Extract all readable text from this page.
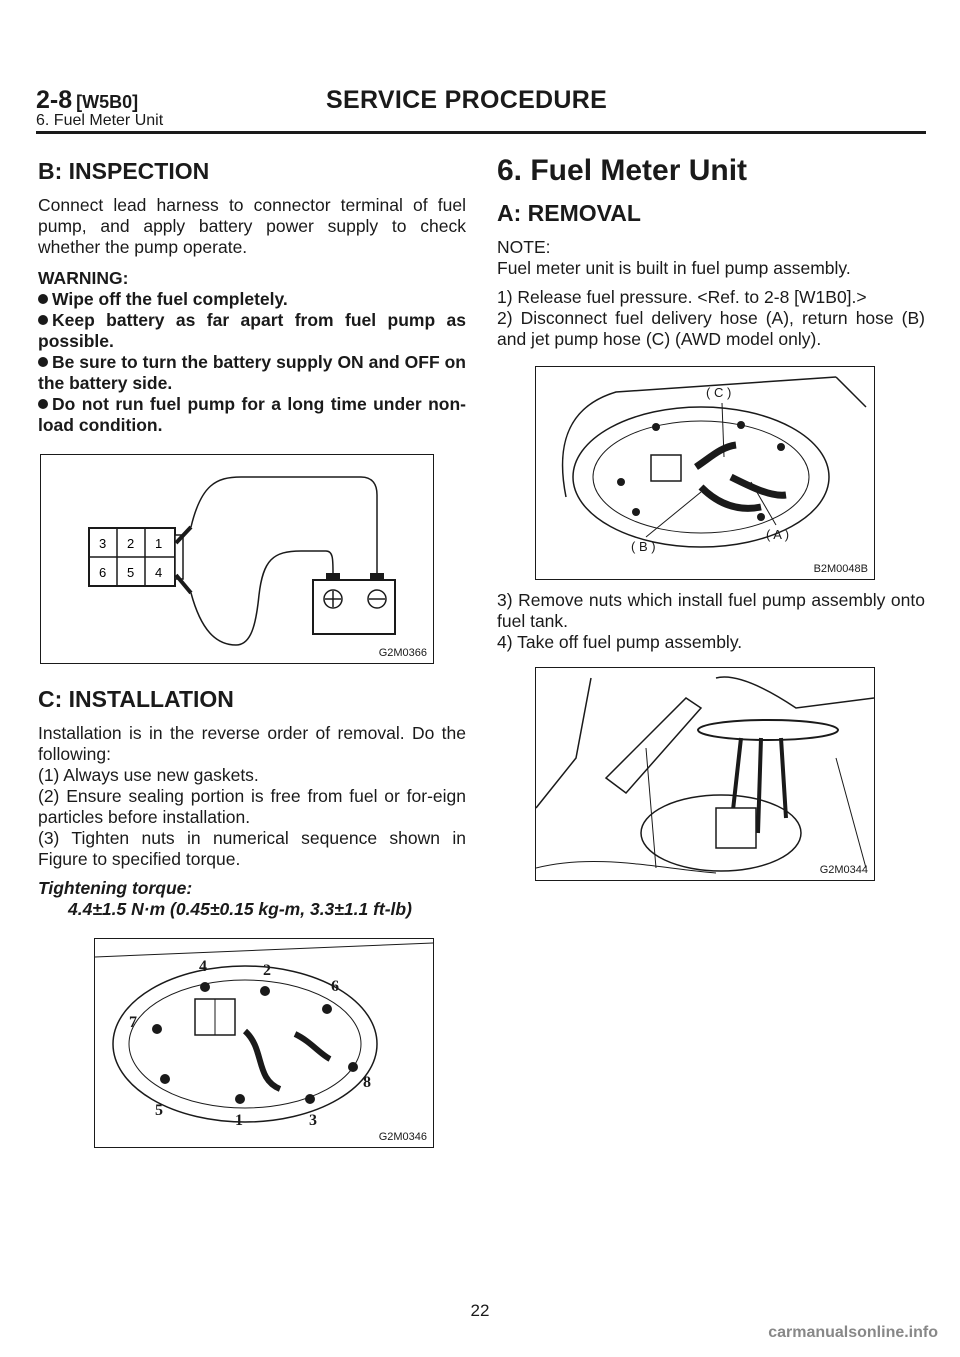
2-8 [W5B0]	SERVICE PROCEDURE
6. Fuel Meter Unit
B: INSPECTION

Connect lead harness to connector terminal of fuel pump, and apply battery power supply to check whether the pump operate.

WARNING:
Wipe off the fuel completely.
Keep battery as far apart from fuel pump as possible.
Be sure to turn the battery supply ON and OFF on the battery side.
Do not run fuel pump for a long time under non-load condition.
3 2 1
6 5 4
G2M0366
C: INSTALLATION

Installation is in the reverse order of removal. Do the following:

(1) Always use new gaskets.
(2) Ensure sealing portion is free from fuel or for-eign particles before installation.
(3) Tighten nuts in numerical sequence shown in Figure to specified torque.
Tightening torque:
4.4±1.5 N·m (0.45±0.15 kg-m, 3.3±1.1 ft-lb)
4	2
6
7
8
5
1	3
G2M0346
6. Fuel Meter Unit
A: REMOVAL
NOTE:

Fuel meter unit is built in fuel pump assembly.

1) Release fuel pressure. <Ref. to 2-8 [W1B0].>
2) Disconnect fuel delivery hose (A), return hose (B) and jet pump hose (C) (AWD model only).
( C )
( B )
( A )
B2M0048B
3) Remove nuts which install fuel pump assembly onto fuel tank.
4) Take off fuel pump assembly.
G2M0344
22
carmanualsonline.info
